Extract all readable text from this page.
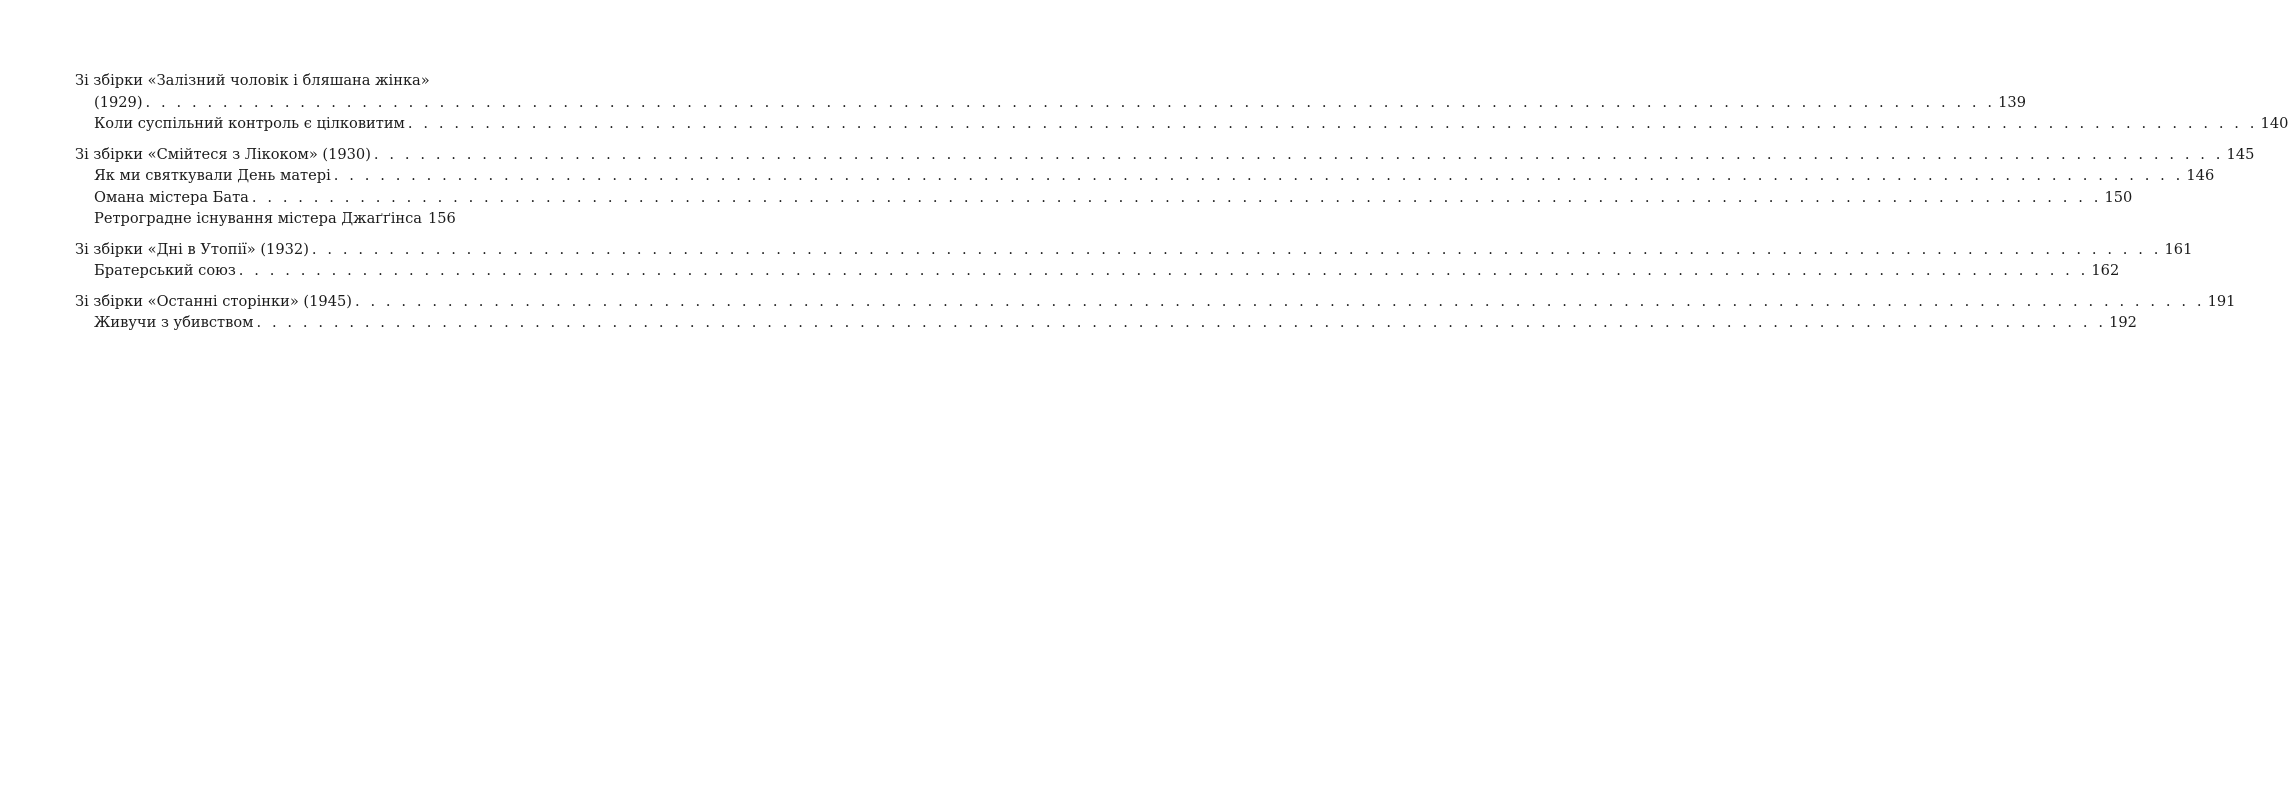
Зі збірки «Залізний чоловік і бляшана жінка»
(1929) . . . . . . . . . . . . . . . . . . . . . . . . . . . . . . . . . . . . . . . . . . . . . . . . . . . . . . . . . . . . . . . . . . . . . . . . . . . . . . . . . . . . . . . . . . . . . . . . . . . . . . . . . . . . . . . . . . . . . . . . 139
Коли суспільний контроль є цілковитим . . . . . . . . . . . . . . . . . . . . . . . . . . . . . . . . . . . . . . . . . . . . . . . . . . . . . . . . . . . . . . . . . . . . . . . . . . . . . . . . . . . . . . . . . . . . . . . . . . . . . . . . . . . . . . . . . . . . . . . . 140
Зі збірки «Смійтеся з Лікоком» (1930) . . . . . . . . . . . . . . . . . . . . . . . . . . . . . . . . . . . . . . . . . . . . . . . . . . . . . . . . . . . . . . . . . . . . . . . . . . . . . . . . . . . . . . . . . . . . . . . . . . . . . . . . . . . . . . . . . . . . . . . . 145
Як ми святкували День матері . . . . . . . . . . . . . . . . . . . . . . . . . . . . . . . . . . . . . . . . . . . . . . . . . . . . . . . . . . . . . . . . . . . . . . . . . . . . . . . . . . . . . . . . . . . . . . . . . . . . . . . . . . . . . . . . . . . . . . . . 146
Омана містера Бата . . . . . . . . . . . . . . . . . . . . . . . . . . . . . . . . . . . . . . . . . . . . . . . . . . . . . . . . . . . . . . . . . . . . . . . . . . . . . . . . . . . . . . . . . . . . . . . . . . . . . . . . . . . . . . . . . . . . . . . . 150
Ретроградне існування містера Джаґґінса 156
Зі збірки «Дні в Утопії» (1932) . . . . . . . . . . . . . . . . . . . . . . . . . . . . . . . . . . . . . . . . . . . . . . . . . . . . . . . . . . . . . . . . . . . . . . . . . . . . . . . . . . . . . . . . . . . . . . . . . . . . . . . . . . . . . . . . . . . . . . . . 161
Братерський союз . . . . . . . . . . . . . . . . . . . . . . . . . . . . . . . . . . . . . . . . . . . . . . . . . . . . . . . . . . . . . . . . . . . . . . . . . . . . . . . . . . . . . . . . . . . . . . . . . . . . . . . . . . . . . . . . . . . . . . . . 162
Зі збірки «Останні сторінки» (1945) . . . . . . . . . . . . . . . . . . . . . . . . . . . . . . . . . . . . . . . . . . . . . . . . . . . . . . . . . . . . . . . . . . . . . . . . . . . . . . . . . . . . . . . . . . . . . . . . . . . . . . . . . . . . . . . . . . . . . . . . 191
Живучи з убивством . . . . . . . . . . . . . . . . . . . . . . . . . . . . . . . . . . . . . . . . . . . . . . . . . . . . . . . . . . . . . . . . . . . . . . . . . . . . . . . . . . . . . . . . . . . . . . . . . . . . . . . . . . . . . . . . . . . . . . . . 192
